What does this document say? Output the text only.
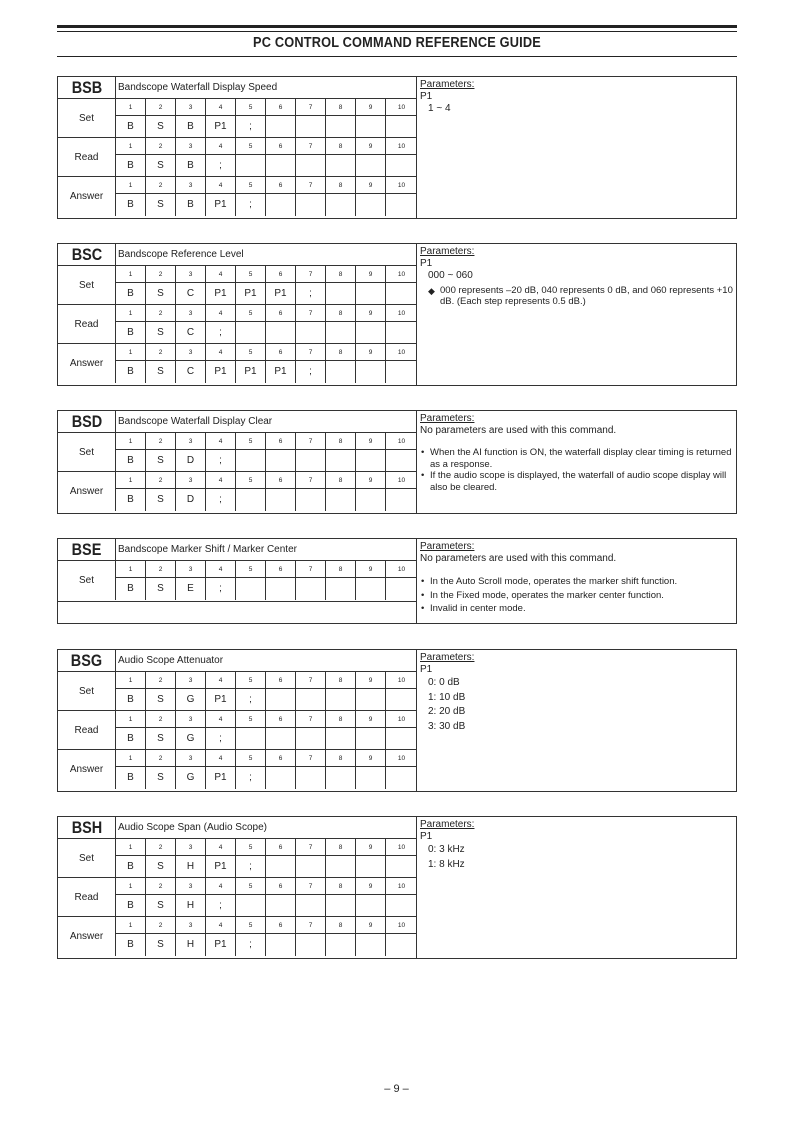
PC CONTROL COMMAND REFERENCE GUIDE
BSB	Bandscope Waterfall Display Speed
Set
1	2	3	4	5	6	7	8	9	10
B	S	B	P1	;
Read
1	2	3	4	5	6	7	8	9	10
B	S	B	;
Answer
1	2	3	4	5	6	7	8	9	10
B	S	B	P1	;
Parameters:
P1
1 ~ 4
BSC	Bandscope Reference Level
Set
1	2	3	4	5	6	7	8	9	10
B	S	C	P1	P1	P1	;
Read
1	2	3	4	5	6	7	8	9	10
B	S	C	;
Answer
1	2	3	4	5	6	7	8	9	10
B	S	C	P1	P1	P1	;
Parameters:
P1
000 ~ 060
◆ 000 represents –20 dB, 040 represents 0 dB, and 060 represents +10 dB. (Each step represents 0.5 dB.)
BSD	Bandscope Waterfall Display Clear
Set
1	2	3	4	5	6	7	8	9	10
B	S	D	;
Answer
1	2	3	4	5	6	7	8	9	10
B	S	D	;
Parameters:
No parameters are used with this command.
• When the AI function is ON, the waterfall display clear timing is returned as a response.
• If the audio scope is displayed, the waterfall of audio scope display will also be cleared.
BSE	Bandscope Marker Shift / Marker Center
Set
1	2	3	4	5	6	7	8	9	10
B	S	E	;
Parameters:
No parameters are used with this command.
• In the Auto Scroll mode, operates the marker shift function.
• In the Fixed mode, operates the marker center function.
• Invalid in center mode.
BSG	Audio Scope Attenuator
Set
1	2	3	4	5	6	7	8	9	10
B	S	G	P1	;
Read
1	2	3	4	5	6	7	8	9	10
B	S	G	;
Answer
1	2	3	4	5	6	7	8	9	10
B	S	G	P1	;
Parameters:
P1
0: 0 dB
1: 10 dB
2: 20 dB
3: 30 dB
BSH	Audio Scope Span (Audio Scope)
Set
1	2	3	4	5	6	7	8	9	10
B	S	H	P1	;
Read
1	2	3	4	5	6	7	8	9	10
B	S	H	;
Answer
1	2	3	4	5	6	7	8	9	10
B	S	H	P1	;
Parameters:
P1
0: 3 kHz
1: 8 kHz
– 9 –
